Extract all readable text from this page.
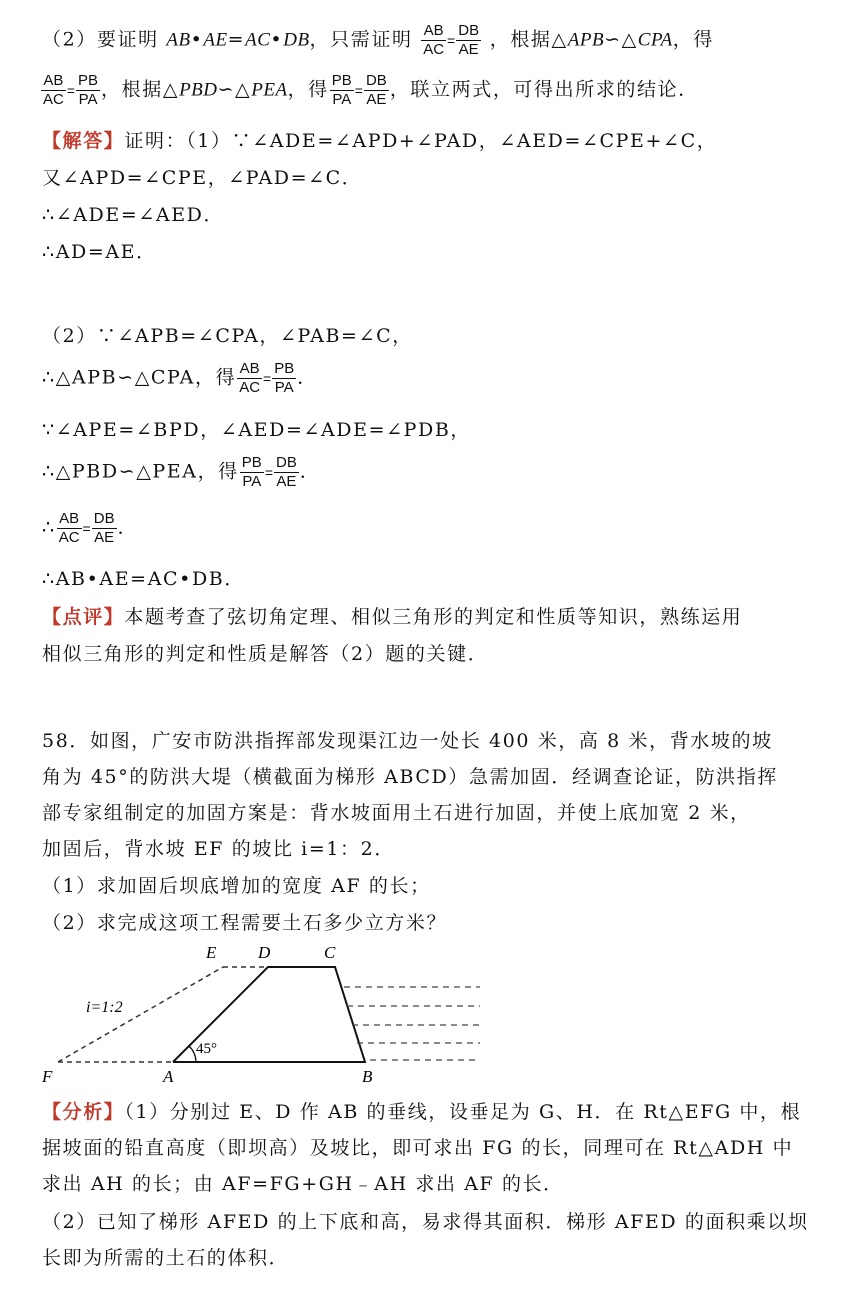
（2）要证明 AB•AE=AC•DB，只需证明 $\frac{AB}{AC} = \frac{DB}{AE}$ ，根据△APB∽△CPA，得
$\frac{AB}{AC} = \frac{PB}{PA}$ ，根据△PBD∽△PEA，得 $\frac{PB}{PA} = \frac{DB}{AE}$ ，联立两式，可得出所求的结论．
【解答】证明：（1）∵∠ADE=∠APD+∠PAD，∠AED=∠CPE+∠C，
又∠APD=∠CPE，∠PAD=∠C．
∴∠ADE=∠AED．
∴AD=AE．
（2）∵∠APB=∠CPA，∠PAB=∠C，
∴△APB∽△CPA，得 $\frac{AB}{AC} = \frac{PB}{PA}$ ．
∵∠APE=∠BPD，∠AED=∠ADE=∠PDB，
∴△PBD∽△PEA，得 $\frac{PB}{PA} = \frac{DB}{AE}$ ．
∴ $\frac{AB}{AC} = \frac{DB}{AE}$ ．
∴AB•AE=AC•DB．
【点评】本题考查了弦切角定理、相似三角形的判定和性质等知识，熟练运用
相似三角形的判定和性质是解答（2）题的关键．
58．如图，广安市防洪指挥部发现渠江边一处长 400 米，高 8 米，背水坡的坡
角为 45°的防洪大堤（横截面为梯形 ABCD）急需加固．经调查论证，防洪指挥
部专家组制定的加固方案是：背水坡面用土石进行加固，并使上底加宽 2 米，
加固后，背水坡 EF 的坡比 i=1：2．
（1）求加固后坝底增加的宽度 AF 的长；
（2）求完成这项工程需要土石多少立方米？
E D	C
F	A	B
i=1:2
45°
【分析】（1）分别过 E、D 作 AB 的垂线，设垂足为 G、H．在 Rt△EFG 中，根
据坡面的铅直高度（即坝高）及坡比，即可求出 FG 的长，同理可在 Rt△ADH 中
求出 AH 的长；由 AF=FG+GH﹣AH 求出 AF 的长．
（2）已知了梯形 AFED 的上下底和高，易求得其面积．梯形 AFED 的面积乘以坝
长即为所需的土石的体积．
